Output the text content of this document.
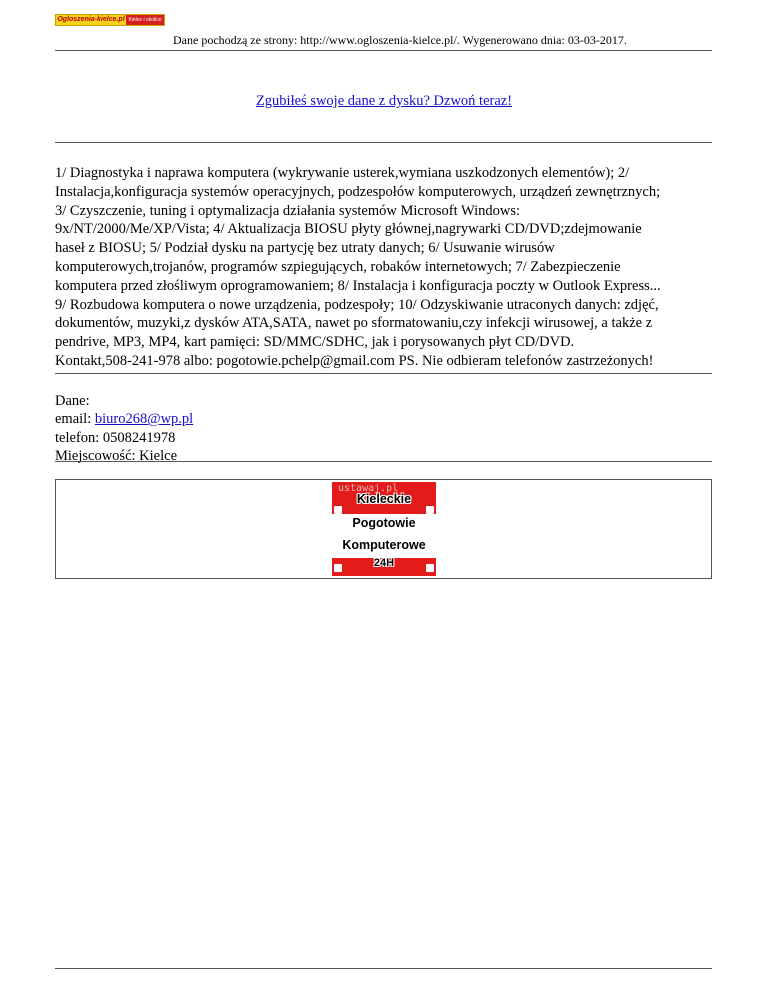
Ogloszenia-kielce.pl Kielce i okolice
Dane pochodzą ze strony: http://www.ogloszenia-kielce.pl/. Wygenerowano dnia: 03-03-2017.
Zgubiłeś swoje dane z dysku? Dzwoń teraz!
1/ Diagnostyka i naprawa komputera (wykrywanie usterek,wymiana uszkodzonych elementów); 2/
Instalacja,konfiguracja systemów operacyjnych, podzespołów komputerowych, urządzeń zewnętrznych;
3/ Czyszczenie, tuning i optymalizacja działania systemów Microsoft Windows:
9x/NT/2000/Me/XP/Vista; 4/ Aktualizacja BIOSU płyty głównej,nagrywarki CD/DVD;zdejmowanie
haseł z BIOSU; 5/ Podział dysku na partycję bez utraty danych; 6/ Usuwanie wirusów
komputerowych,trojanów, programów szpiegujących, robaków internetowych; 7/ Zabezpieczenie
komputera przed złośliwym oprogramowaniem; 8/ Instalacja i konfiguracja poczty w Outlook Express...
9/ Rozbudowa komputera o nowe urządzenia, podzespoły; 10/ Odzyskiwanie utraconych danych: zdjęć,
dokumentów, muzyki,z dysków ATA,SATA, nawet po sformatowaniu,czy infekcji wirusowej, a także z
pendrive, MP3, MP4, kart pamięci: SD/MMC/SDHC, jak i porysowanych płyt CD/DVD.
Kontakt,508-241-978 albo: pogotowie.pchelp@gmail.com PS. Nie odbieram telefonów zastrzeżonych!
Dane:
email: biuro268@wp.pl
telefon: 0508241978
Miejscowość: Kielce
ustawaj.pl
Kieleckie
Pogotowie
Komputerowe
24H
